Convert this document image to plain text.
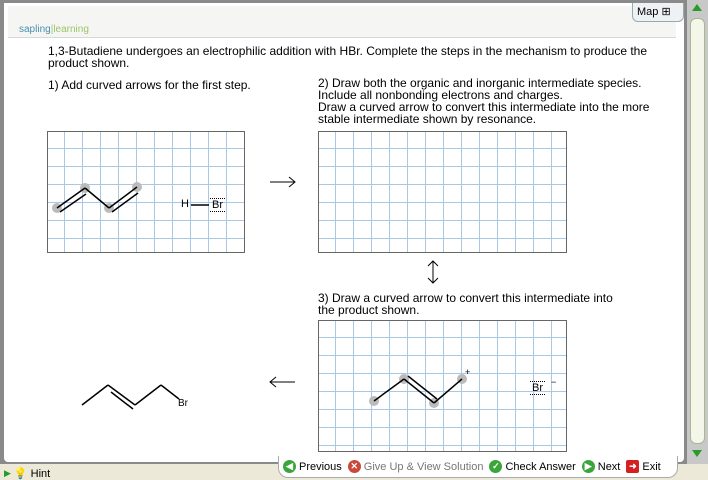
sapling|learning
Map ⊞
1,3-Butadiene undergoes an electrophilic addition with HBr. Complete the steps in the mechanism to produce the product shown.
1) Add curved arrows for the first step.	2) Draw both the organic and inorganic intermediate species.
Include all nonbonding electrons and charges.
Draw a curved arrow to convert this intermediate into the more
stable intermediate shown by resonance.
3) Draw a curved arrow to convert this intermediate into
the product shown.
H Br
+
Br −
Br
▶ 💡 Hint
◀ Previous ✕ Give Up & View Solution ✓ Check Answer	▶ Next ➜ Exit
